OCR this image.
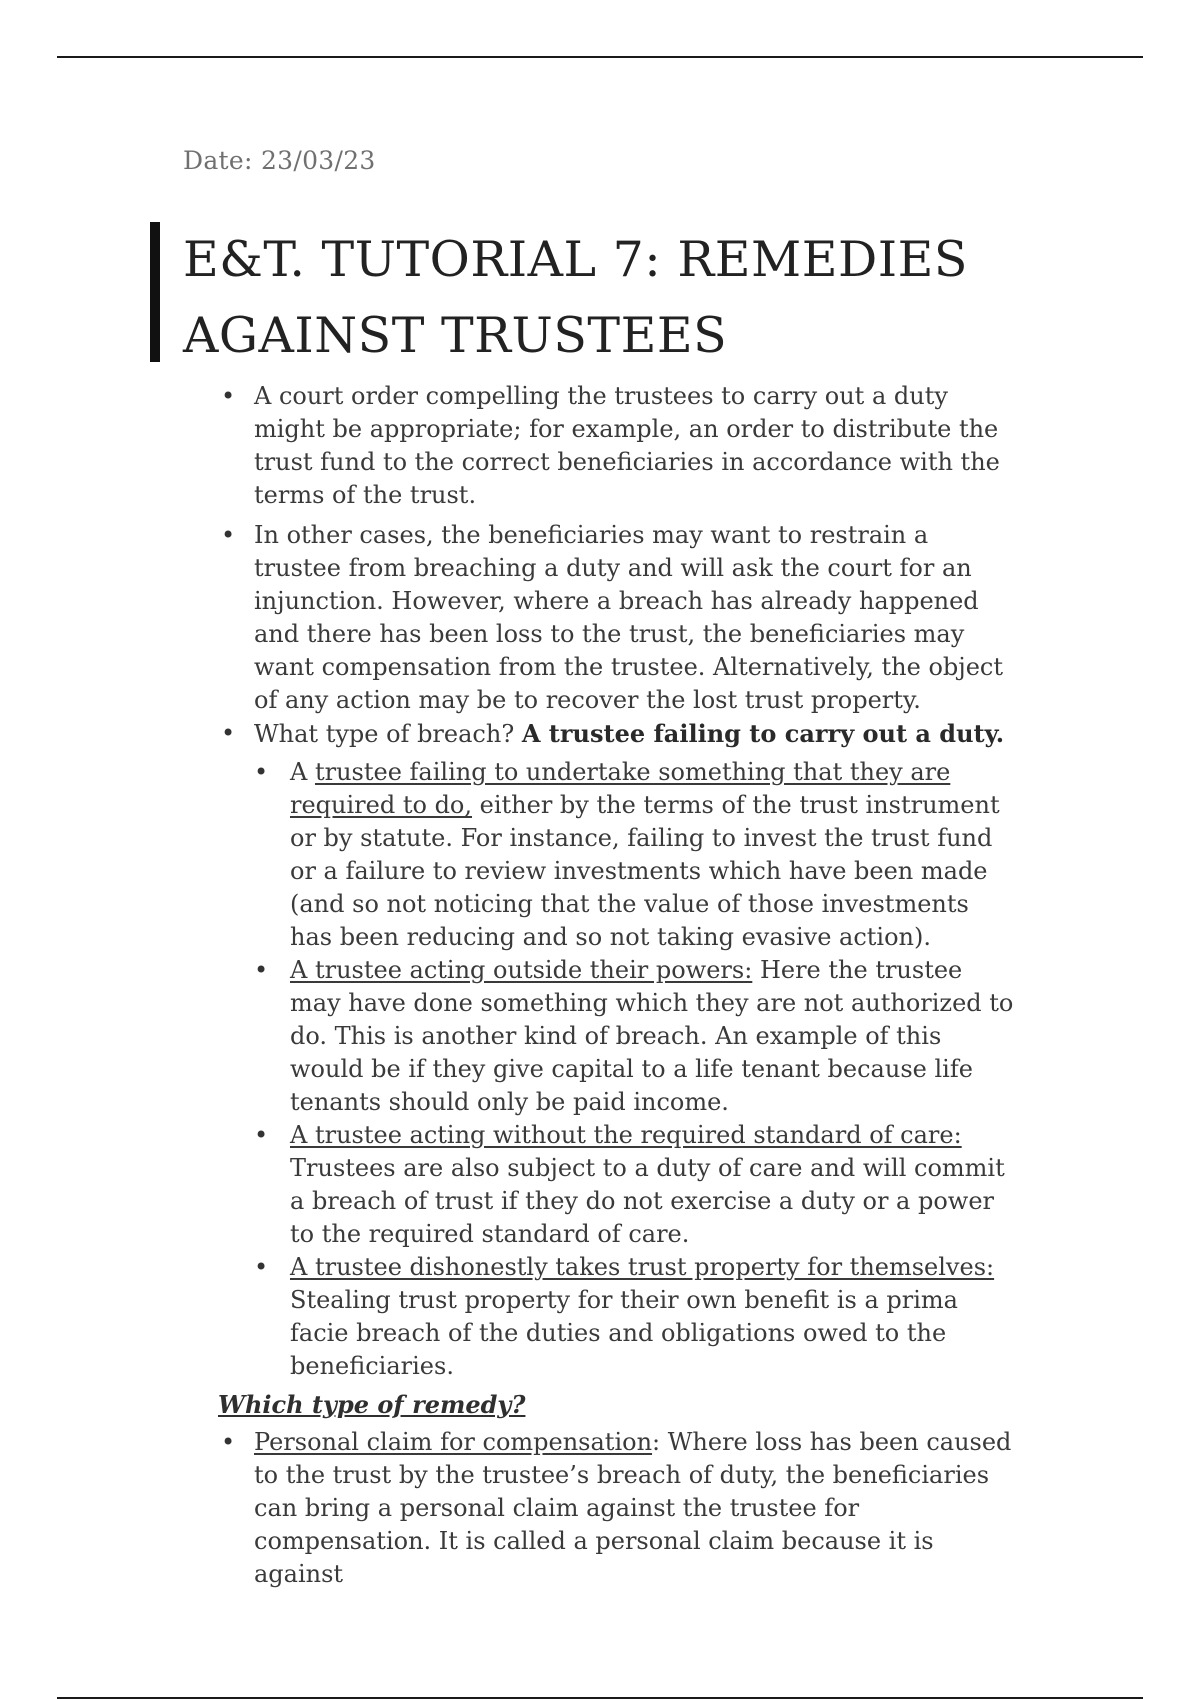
Date: 23/03/23
E&T. TUTORIAL 7: REMEDIES AGAINST TRUSTEES
• A court order compelling the trustees to carry out a duty might be appropriate; for example, an order to distribute the trust fund to the correct beneficiaries in accordance with the terms of the trust.
• In other cases, the beneficiaries may want to restrain a trustee from breaching a duty and will ask the court for an injunction. However, where a breach has already happened and there has been loss to the trust, the beneficiaries may want compensation from the trustee. Alternatively, the object of any action may be to recover the lost trust property.
• What type of breach? A trustee failing to carry out a duty.
• A trustee failing to undertake something that they are required to do, either by the terms of the trust instrument or by statute. For instance, failing to invest the trust fund or a failure to review investments which have been made (and so not noticing that the value of those investments has been reducing and so not taking evasive action).
• A trustee acting outside their powers: Here the trustee may have done something which they are not authorized to do. This is another kind of breach. An example of this would be if they give capital to a life tenant because life tenants should only be paid income.
• A trustee acting without the required standard of care: Trustees are also subject to a duty of care and will commit a breach of trust if they do not exercise a duty or a power to the required standard of care.
• A trustee dishonestly takes trust property for themselves: Stealing trust property for their own benefit is a prima facie breach of the duties and obligations owed to the beneficiaries.
Which type of remedy?
• Personal claim for compensation: Where loss has been caused to the trust by the trustee’s breach of duty, the beneficiaries can bring a personal claim against the trustee for compensation. It is called a personal claim because it is against
